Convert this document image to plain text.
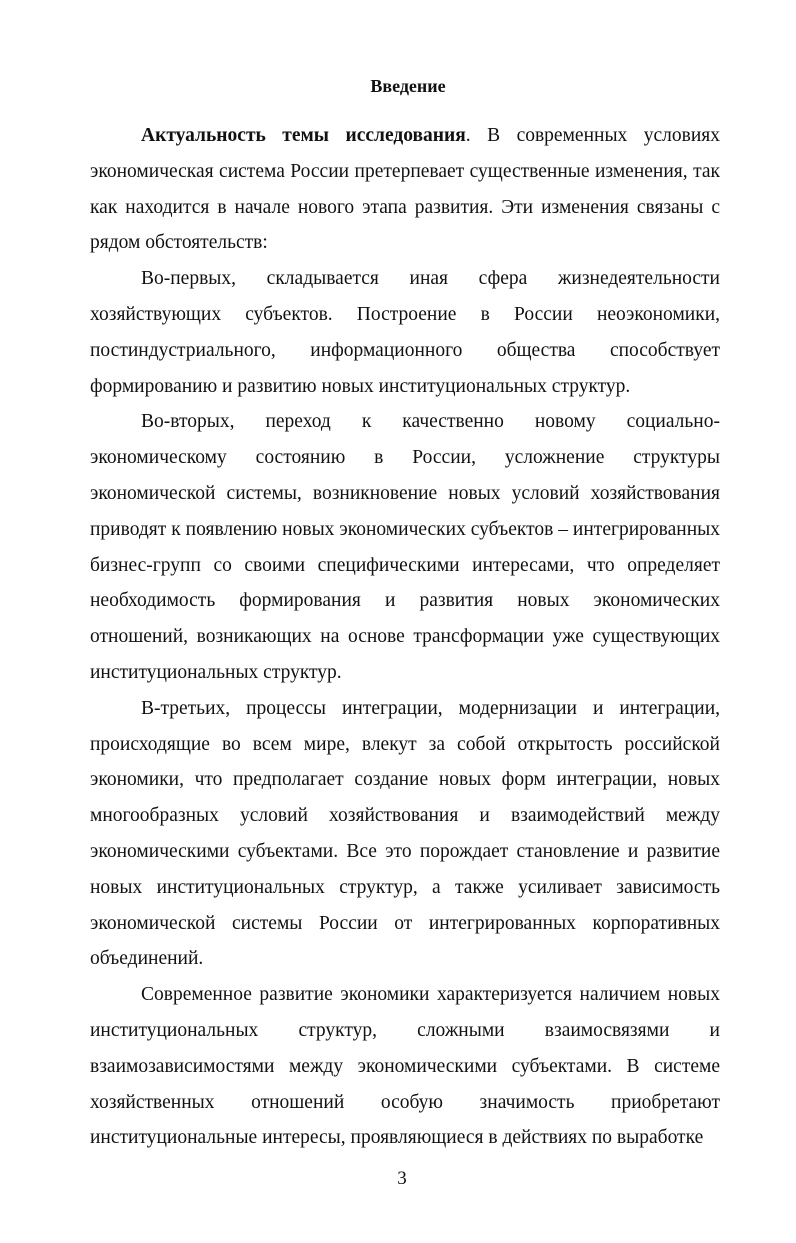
Введение

Актуальность темы исследования. В современных условиях экономическая система России претерпевает существенные изменения, так как находится в начале нового этапа развития. Эти изменения связаны с рядом обстоятельств:

Во-первых, складывается иная сфера жизнедеятельности хозяйствующих субъектов. Построение в России неоэкономики, постиндустриального, информационного общества способствует формированию и развитию новых институциональных структур.

Во-вторых, переход к качественно новому социально-экономическому состоянию в России, усложнение структуры экономической системы, возникновение новых условий хозяйствования приводят к появлению новых экономических субъектов – интегрированных бизнес-групп со своими специфическими интересами, что определяет необходимость формирования и развития новых экономических отношений, возникающих на основе трансформации уже существующих институциональных структур.

В-третьих, процессы интеграции, модернизации и интеграции, происходящие во всем мире, влекут за собой открытость российской экономики, что предполагает создание новых форм интеграции, новых многообразных условий хозяйствования и взаимодействий между экономическими субъектами. Все это порождает становление и развитие новых институциональных структур, а также усиливает зависимость экономической системы России от интегрированных корпоративных объединений.

Современное развитие экономики характеризуется наличием новых институциональных структур, сложными взаимосвязями и взаимозависимостями между экономическими субъектами. В системе хозяйственных отношений особую значимость приобретают институциональные интересы, проявляющиеся в действиях по выработке

3
